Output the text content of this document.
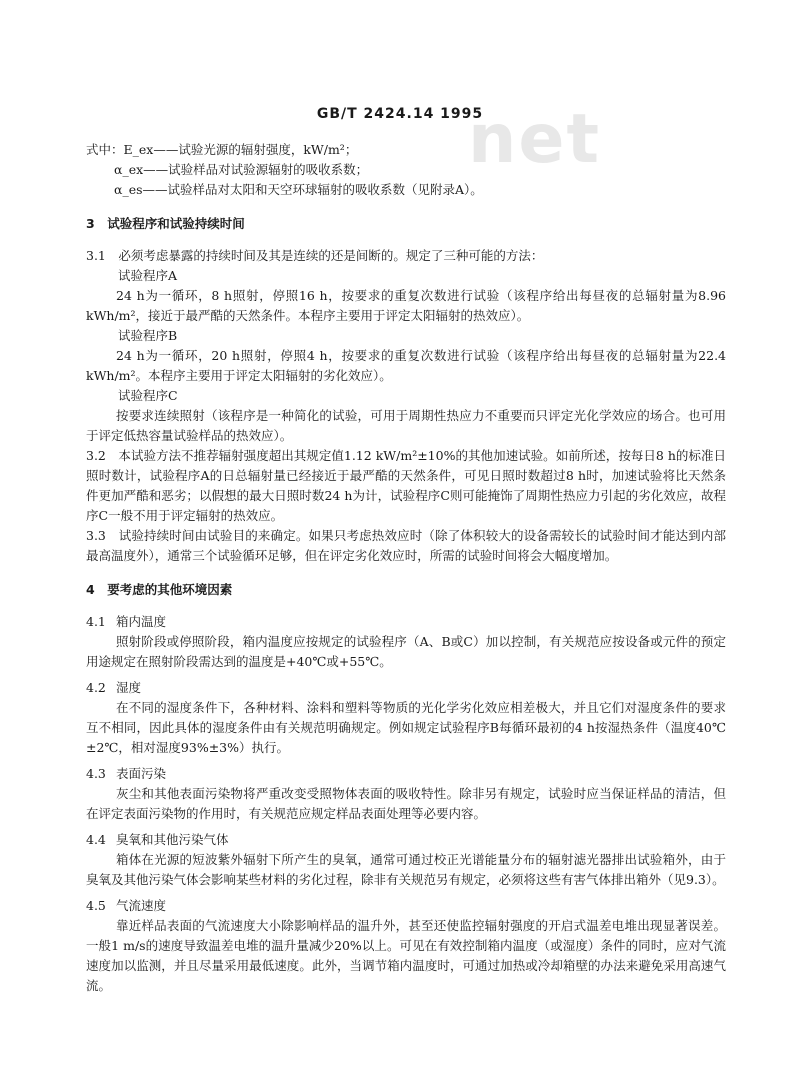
net
GB/T 2424.14 1995
式中：E_ex——试验光源的辐射强度，kW/m²；
α_ex——试验样品对试验源辐射的吸收系数；
α_es——试验样品对太阳和天空环球辐射的吸收系数（见附录A）。
3　试验程序和试验持续时间
3.1　必须考虑暴露的持续时间及其是连续的还是间断的。规定了三种可能的方法：
试验程序A
24 h为一循环，8 h照射，停照16 h，按要求的重复次数进行试验（该程序给出每昼夜的总辐射量为8.96 kWh/m²，接近于最严酷的天然条件。本程序主要用于评定太阳辐射的热效应）。
试验程序B
24 h为一循环，20 h照射，停照4 h，按要求的重复次数进行试验（该程序给出每昼夜的总辐射量为22.4 kWh/m²。本程序主要用于评定太阳辐射的劣化效应）。
试验程序C
按要求连续照射（该程序是一种简化的试验，可用于周期性热应力不重要而只评定光化学效应的场合。也可用于评定低热容量试验样品的热效应）。
3.2　本试验方法不推荐辐射强度超出其规定值1.12 kW/m²±10%的其他加速试验。如前所述，按每日8 h的标准日照时数计，试验程序A的日总辐射量已经接近于最严酷的天然条件，可见日照时数超过8 h时，加速试验将比天然条件更加严酷和恶劣；以假想的最大日照时数24 h为计，试验程序C则可能掩饰了周期性热应力引起的劣化效应，故程序C一般不用于评定辐射的热效应。
3.3　试验持续时间由试验目的来确定。如果只考虑热效应时（除了体积较大的设备需较长的试验时间才能达到内部最高温度外），通常三个试验循环足够，但在评定劣化效应时，所需的试验时间将会大幅度增加。
4　要考虑的其他环境因素
4.1 箱内温度
照射阶段或停照阶段，箱内温度应按规定的试验程序（A、B或C）加以控制，有关规范应按设备或元件的预定用途规定在照射阶段需达到的温度是+40℃或+55℃。
4.2 湿度
在不同的湿度条件下，各种材料、涂料和塑料等物质的光化学劣化效应相差极大，并且它们对湿度条件的要求互不相同，因此具体的湿度条件由有关规范明确规定。例如规定试验程序B每循环最初的4 h按湿热条件（温度40℃±2℃，相对湿度93%±3%）执行。
4.3 表面污染
灰尘和其他表面污染物将严重改变受照物体表面的吸收特性。除非另有规定，试验时应当保证样品的清洁，但在评定表面污染物的作用时，有关规范应规定样品表面处理等必要内容。
4.4 臭氧和其他污染气体
箱体在光源的短波紫外辐射下所产生的臭氧，通常可通过校正光谱能量分布的辐射滤光器排出试验箱外，由于臭氧及其他污染气体会影响某些材料的劣化过程，除非有关规范另有规定，必须将这些有害气体排出箱外（见9.3）。
4.5 气流速度
靠近样品表面的气流速度大小除影响样品的温升外，甚至还使监控辐射强度的开启式温差电堆出现显著误差。一般1 m/s的速度导致温差电堆的温升量减少20%以上。可见在有效控制箱内温度（或湿度）条件的同时，应对气流速度加以监测，并且尽量采用最低速度。此外，当调节箱内温度时，可通过加热或冷却箱壁的办法来避免采用高速气流。
